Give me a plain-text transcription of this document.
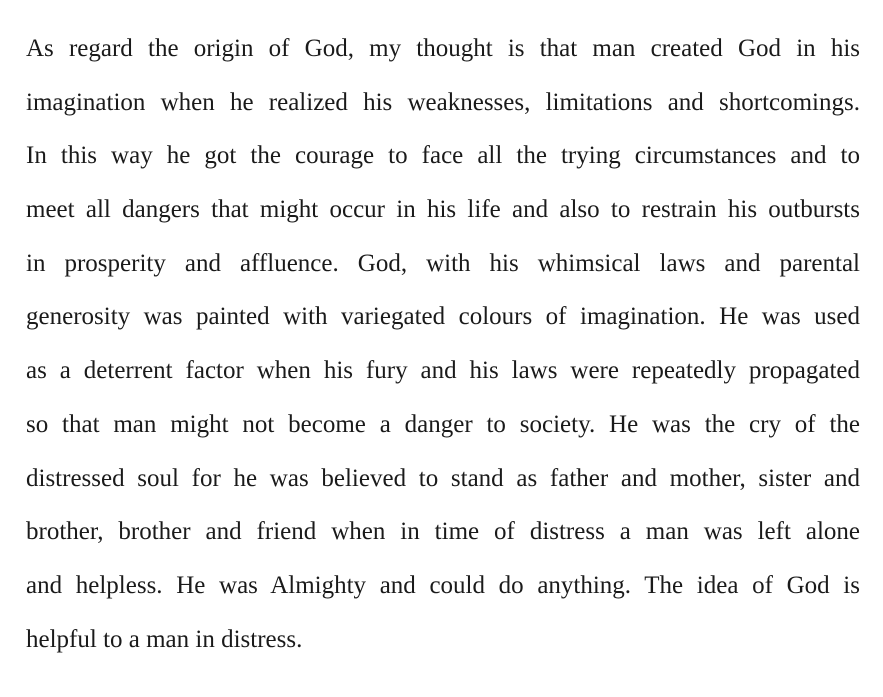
As regard the origin of God, my thought is that man created God in his
imagination when he realized his weaknesses, limitations and shortcomings.
In this way he got the courage to face all the trying circumstances and to
meet all dangers that might occur in his life and also to restrain his outbursts
in prosperity and affluence. God, with his whimsical laws and parental
generosity was painted with variegated colours of imagination. He was used
as a deterrent factor when his fury and his laws were repeatedly propagated
so that man might not become a danger to society. He was the cry of the
distressed soul for he was believed to stand as father and mother, sister and
brother, brother and friend when in time of distress a man was left alone
and helpless. He was Almighty and could do anything. The idea of God is
helpful to a man in distress.
